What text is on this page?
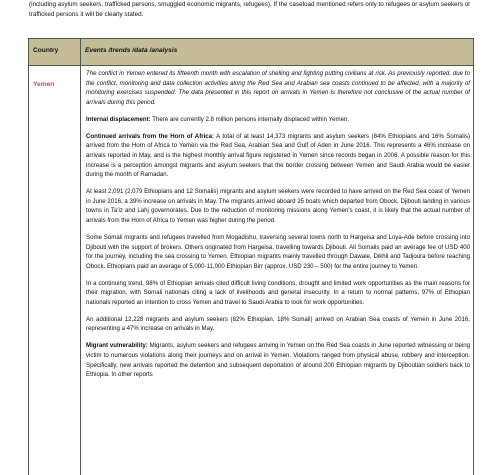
(including asylum seekers, trafficked persons, smuggled economic migrants, refugees). If the caseload mentioned refers only to refugees or asylum seekers or trafficked persons it will be clearly stated.
Country	Events /trends /data /analysis
Yemen

The conflict in Yemen entered its fifteenth month with escalation of shelling and fighting putting civilians at risk. As previously reported, due to the conflict, monitoring and data collection activities along the Red Sea and Arabian sea coasts continued to be affected, with a majority of monitoring exercises suspended. The data presented in this report on arrivals in Yemen is therefore not conclusive of the actual number of arrivals during this period.

Internal displacement: There are currently 2.8 million persons internally displaced within Yemen.

Continued arrivals from the Horn of Africa: A total of at least 14,373 migrants and asylum seekers (84% Ethiopians and 16% Somalis) arrived from the Horn of Africa to Yemen via the Red Sea, Arabian Sea and Gulf of Aden in June 2016. This represents a 46% increase on arrivals reported in May, and is the highest monthly arrival figure registered in Yemen since records began in 2006. A possible reason for this increase is a perception amongst migrants and asylum seekers that the border crossing between Yemen and Saudi Arabia would be easier during the month of Ramadan.

At least 2,091 (2,079 Ethiopians and 12 Somalis) migrants and asylum seekers were recorded to have arrived on the Red Sea coast of Yemen in June 2016, a 39% increase on arrivals in May. The migrants arrived aboard 25 boats which departed from Obock, Djibouti landing in various towns in Ta'iz and Lahj governorates. Due to the reduction of monitoring missions along Yemen's coast, it is likely that the actual number of arrivals from the Horn of Africa to Yemen was higher during the period.

Some Somali migrants and refugees travelled from Mogadishu, traversing several towns north to Hargeisa and Loya-Ade before crossing into Djibouti with the support of brokers. Others originated from Hargeisa, travelling towards Djibouti. All Somalis paid an average fee of USD 400 for the journey, including the sea crossing to Yemen. Ethiopian migrants mainly travelled through Dawale, Dikhil and Tadjoura before reaching Obock. Ethiopians paid an average of 5,000-11,000 Ethiopian Birr (approx. USD 230 – 500) for the entire journey to Yemen.

In a continuing trend, 98% of Ethiopian arrivals cited difficult living conditions, drought and limited work opportunities as the main reasons for their migration, with Somali nationals citing a lack of livelihoods and general insecurity. In a return to normal patterns, 97% of Ethiopian nationals reported an intention to cross Yemen and travel to Saudi Arabia to look for work opportunities.

An additional 12,228 migrants and asylum seekers (82% Ethiopian, 18% Somali) arrived on Arabian Sea coasts of Yemen in June 2016, representing a 47% increase on arrivals in May.

Migrant vulnerability: Migrants, asylum seekers and refugees arriving in Yemen on the Red Sea coasts in June reported witnessing or being victim to numerous violations along their journeys and on arrival in Yemen. Violations ranged from physical abuse, robbery and interception. Specifically, new arrivals reported the detention and subsequent deportation of around 200 Ethiopian migrants by Djiboutian soldiers back to Ethiopia. In other reports
